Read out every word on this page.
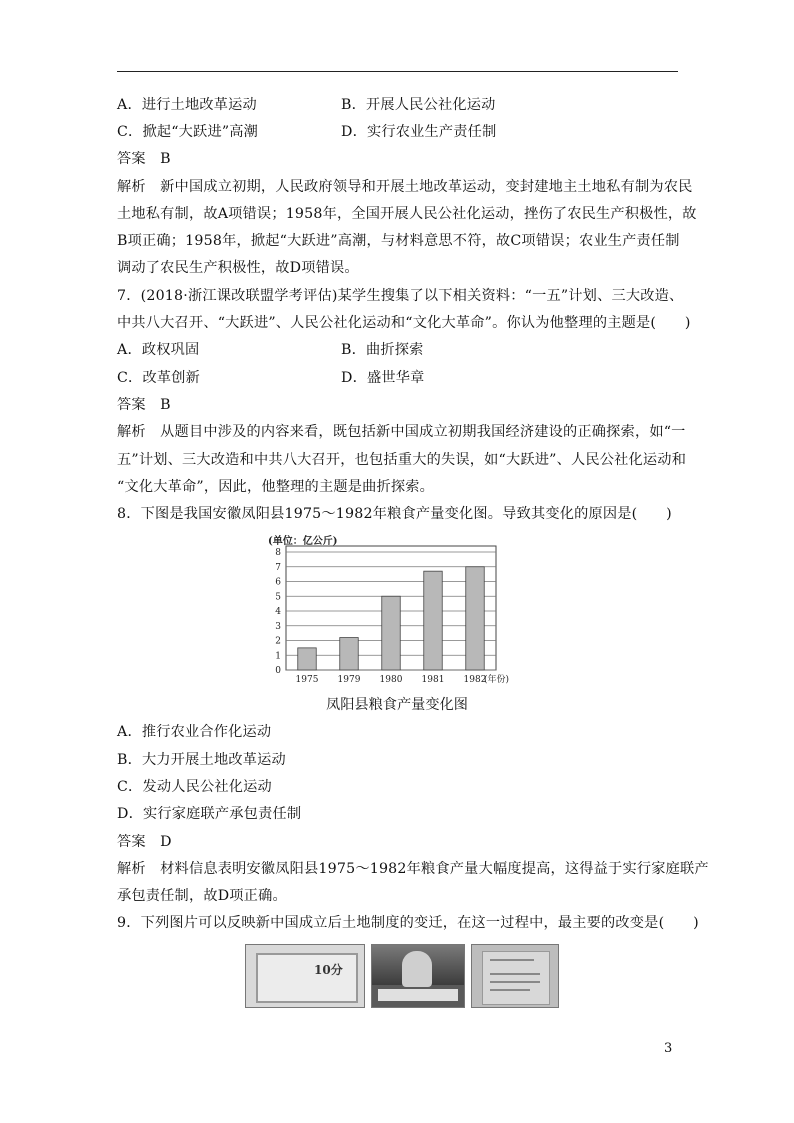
A．进行土地改革运动	B．开展人民公社化运动
C．掀起“大跃进”高潮	D．实行农业生产责任制
答案　B
解析　新中国成立初期，人民政府领导和开展土地改革运动，变封建地主土地私有制为农民
土地私有制，故A项错误；1958年，全国开展人民公社化运动，挫伤了农民生产积极性，故
B项正确；1958年，掀起“大跃进”高潮，与材料意思不符，故C项错误；农业生产责任制
调动了农民生产积极性，故D项错误。
7．(2018·浙江课改联盟学考评估)某学生搜集了以下相关资料：“一五”计划、三大改造、
中共八大召开、“大跃进”、人民公社化运动和“文化大革命”。你认为他整理的主题是(　　)
A．政权巩固	B．曲折探索
C．改革创新	D．盛世华章
答案　B
解析　从题目中涉及的内容来看，既包括新中国成立初期我国经济建设的正确探索，如“一
五”计划、三大改造和中共八大召开，也包括重大的失误，如“大跃进”、人民公社化运动和
“文化大革命”，因此，他整理的主题是曲折探索。
8．下图是我国安徽凤阳县1975～1982年粮食产量变化图。导致其变化的原因是(　　)
0
1
2
3
4
5
6
7
8
1975 1979 1980 1981 1982
(单位：亿公斤)
(年份)
凤阳县粮食产量变化图
A．推行农业合作化运动
B．大力开展土地改革运动
C．发动人民公社化运动
D．实行家庭联产承包责任制
答案　D
解析　材料信息表明安徽凤阳县1975～1982年粮食产量大幅度提高，这得益于实行家庭联产
承包责任制，故D项正确。
9．下列图片可以反映新中国成立后土地制度的变迁，在这一过程中，最主要的改变是(　　)
10分
3
